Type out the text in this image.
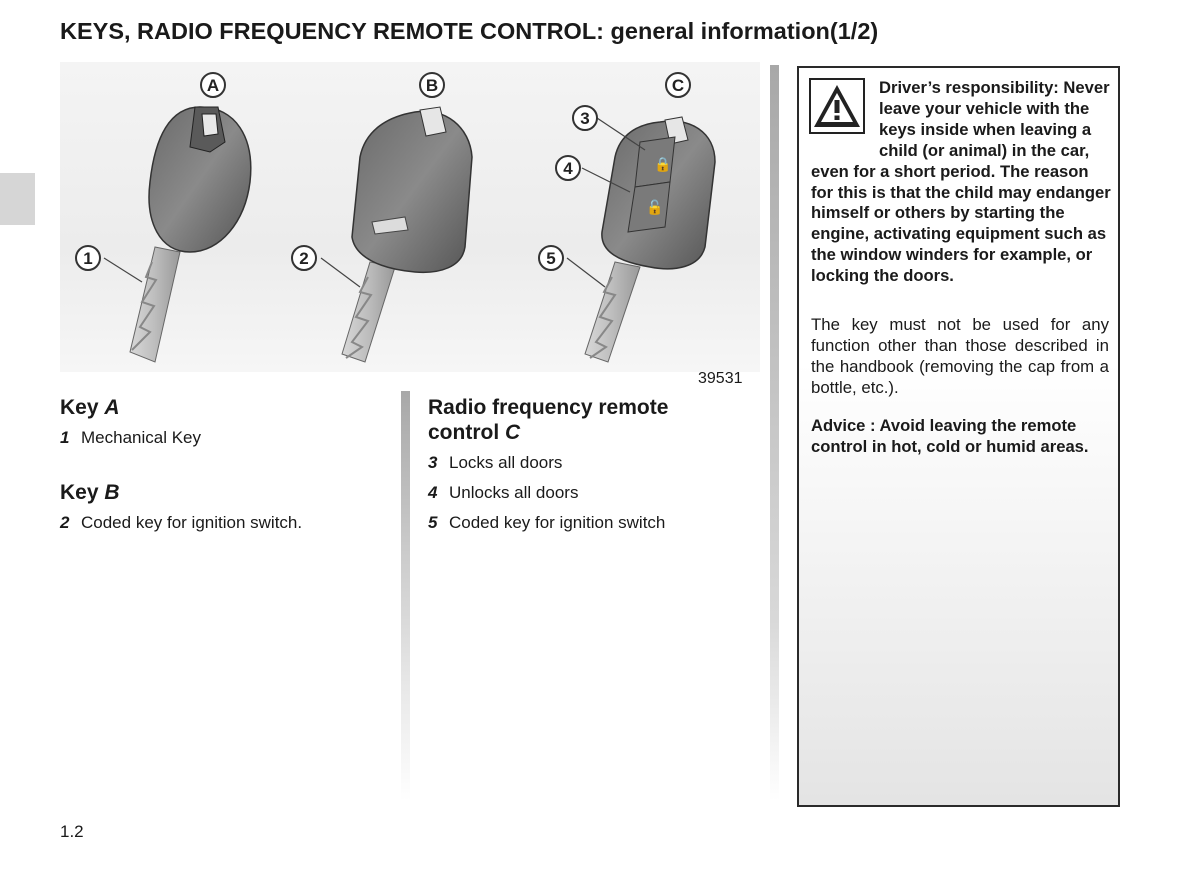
KEYS, RADIO FREQUENCY REMOTE CONTROL: general information(1/2)
🔒
🔓
A	B	C
1	2
3
4
5
39531
Key A
1 Mechanical Key
Key B
2 Coded key for ignition switch.
Radio frequency remote
control C
3 Locks all doors
4 Unlocks all doors
5 Coded key for ignition switch
Driver’s responsibility: Never leave your vehicle with the keys inside when leaving a child (or animal) in the car, even for a short period. The reason for this is that the child may endanger himself or others by starting the engine, activating equipment such as the window winders for example, or locking the doors.
The key must not be used for any function other than those described in the handbook (removing the cap from a bottle, etc.).
Advice : Avoid leaving the remote control in hot, cold or humid areas.
1.2
